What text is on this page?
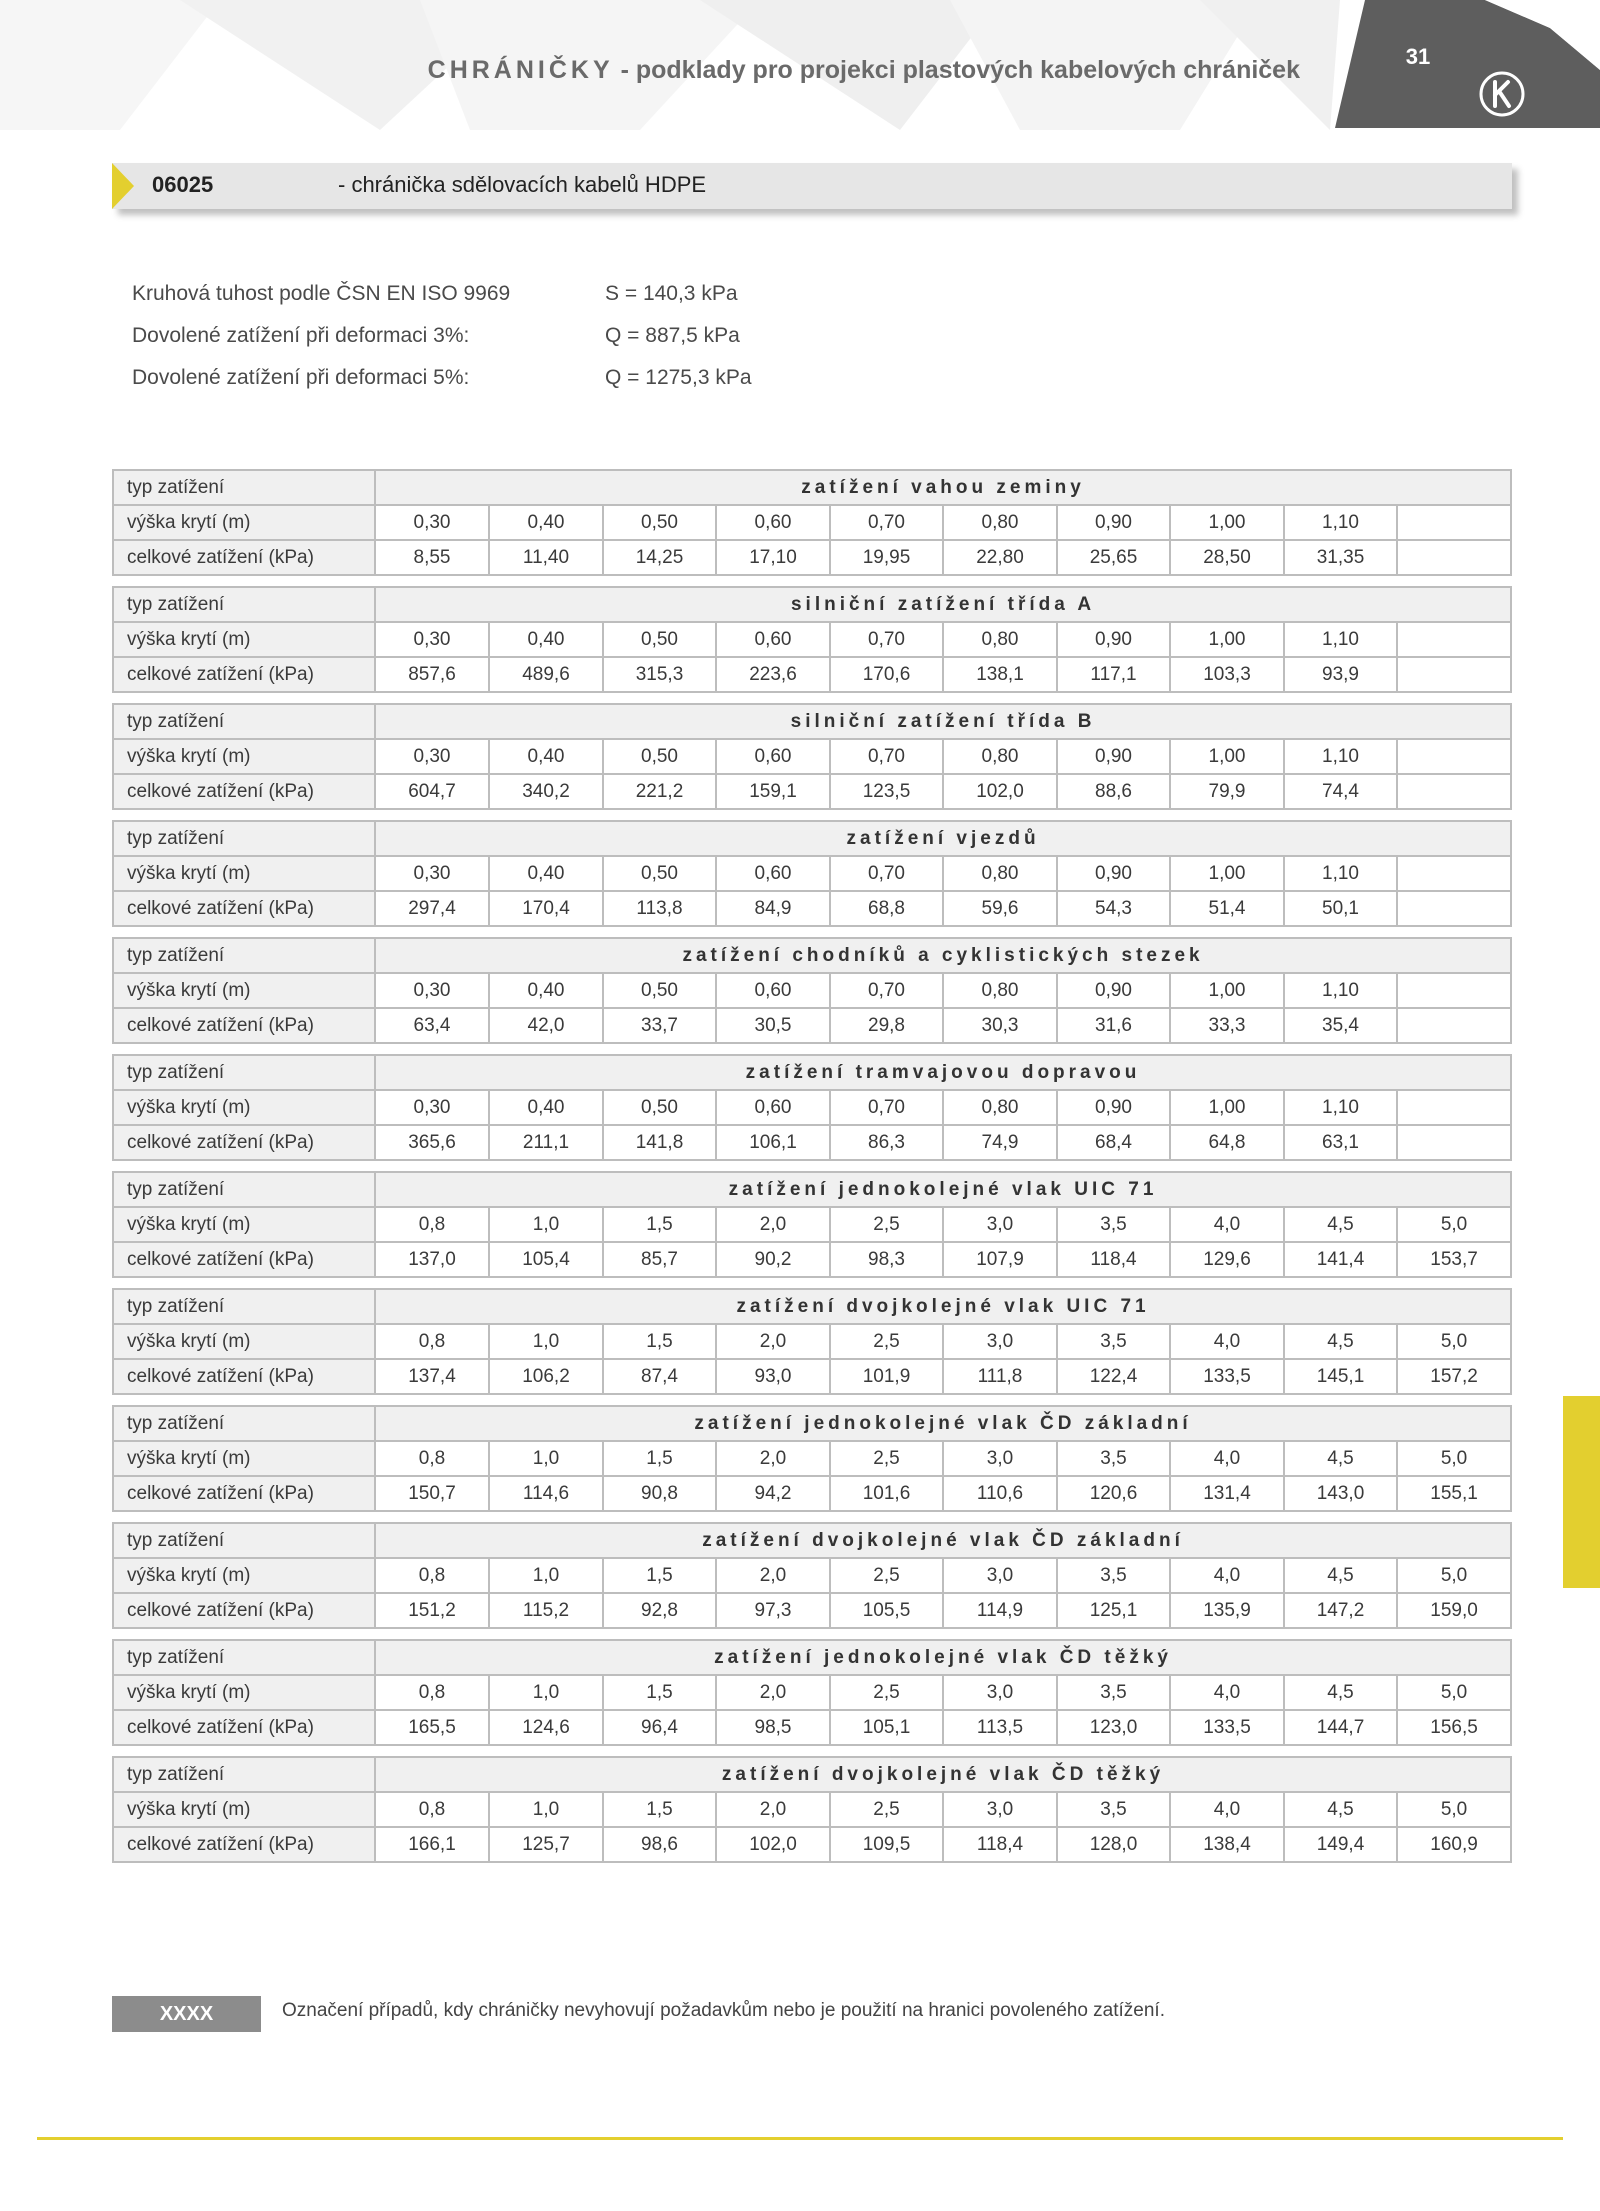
CHRÁNIČKY - podklady pro projekci plastových kabelových chrániček	31
06025	- chránička sdělovacích kabelů HDPE
Kruhová tuhost podle ČSN EN ISO 9969	S = 140,3 kPa
Dovolené zatížení při deformaci 3%:	Q = 887,5 kPa
Dovolené zatížení při deformaci 5%:	Q = 1275,3 kPa
typ zatížení	zatížení vahou zeminy									
výška krytí (m)	0,30	0,40	0,50	0,60	0,70	0,80	0,90	1,00	1,10	
celkové zatížení (kPa)	8,55	11,40	14,25	17,10	19,95	22,80	25,65	28,50	31,35	

typ zatížení	silniční zatížení třída A									
výška krytí (m)	0,30	0,40	0,50	0,60	0,70	0,80	0,90	1,00	1,10	
celkové zatížení (kPa)	857,6	489,6	315,3	223,6	170,6	138,1	117,1	103,3	93,9	

typ zatížení	silniční zatížení třída B									
výška krytí (m)	0,30	0,40	0,50	0,60	0,70	0,80	0,90	1,00	1,10	
celkové zatížení (kPa)	604,7	340,2	221,2	159,1	123,5	102,0	88,6	79,9	74,4	

typ zatížení	zatížení vjezdů									
výška krytí (m)	0,30	0,40	0,50	0,60	0,70	0,80	0,90	1,00	1,10	
celkové zatížení (kPa)	297,4	170,4	113,8	84,9	68,8	59,6	54,3	51,4	50,1	

typ zatížení	zatížení chodníků a cyklistických stezek									
výška krytí (m)	0,30	0,40	0,50	0,60	0,70	0,80	0,90	1,00	1,10	
celkové zatížení (kPa)	63,4	42,0	33,7	30,5	29,8	30,3	31,6	33,3	35,4	

typ zatížení	zatížení tramvajovou dopravou									
výška krytí (m)	0,30	0,40	0,50	0,60	0,70	0,80	0,90	1,00	1,10	
celkové zatížení (kPa)	365,6	211,1	141,8	106,1	86,3	74,9	68,4	64,8	63,1	

typ zatížení	zatížení jednokolejné vlak UIC 71									
výška krytí (m)	0,8	1,0	1,5	2,0	2,5	3,0	3,5	4,0	4,5	5,0
celkové zatížení (kPa)	137,0	105,4	85,7	90,2	98,3	107,9	118,4	129,6	141,4	153,7

typ zatížení	zatížení dvojkolejné vlak UIC 71									
výška krytí (m)	0,8	1,0	1,5	2,0	2,5	3,0	3,5	4,0	4,5	5,0
celkové zatížení (kPa)	137,4	106,2	87,4	93,0	101,9	111,8	122,4	133,5	145,1	157,2

typ zatížení	zatížení jednokolejné vlak ČD základní									
výška krytí (m)	0,8	1,0	1,5	2,0	2,5	3,0	3,5	4,0	4,5	5,0
celkové zatížení (kPa)	150,7	114,6	90,8	94,2	101,6	110,6	120,6	131,4	143,0	155,1

typ zatížení	zatížení dvojkolejné vlak ČD základní									
výška krytí (m)	0,8	1,0	1,5	2,0	2,5	3,0	3,5	4,0	4,5	5,0
celkové zatížení (kPa)	151,2	115,2	92,8	97,3	105,5	114,9	125,1	135,9	147,2	159,0

typ zatížení	zatížení jednokolejné vlak ČD těžký									
výška krytí (m)	0,8	1,0	1,5	2,0	2,5	3,0	3,5	4,0	4,5	5,0
celkové zatížení (kPa)	165,5	124,6	96,4	98,5	105,1	113,5	123,0	133,5	144,7	156,5

typ zatížení	zatížení dvojkolejné vlak ČD těžký									
výška krytí (m)	0,8	1,0	1,5	2,0	2,5	3,0	3,5	4,0	4,5	5,0
celkové zatížení (kPa)	166,1	125,7	98,6	102,0	109,5	118,4	128,0	138,4	149,4	160,9
XXXX	Označení případů, kdy chráničky nevyhovují požadavkům nebo je použití na hranici povoleného zatížení.
